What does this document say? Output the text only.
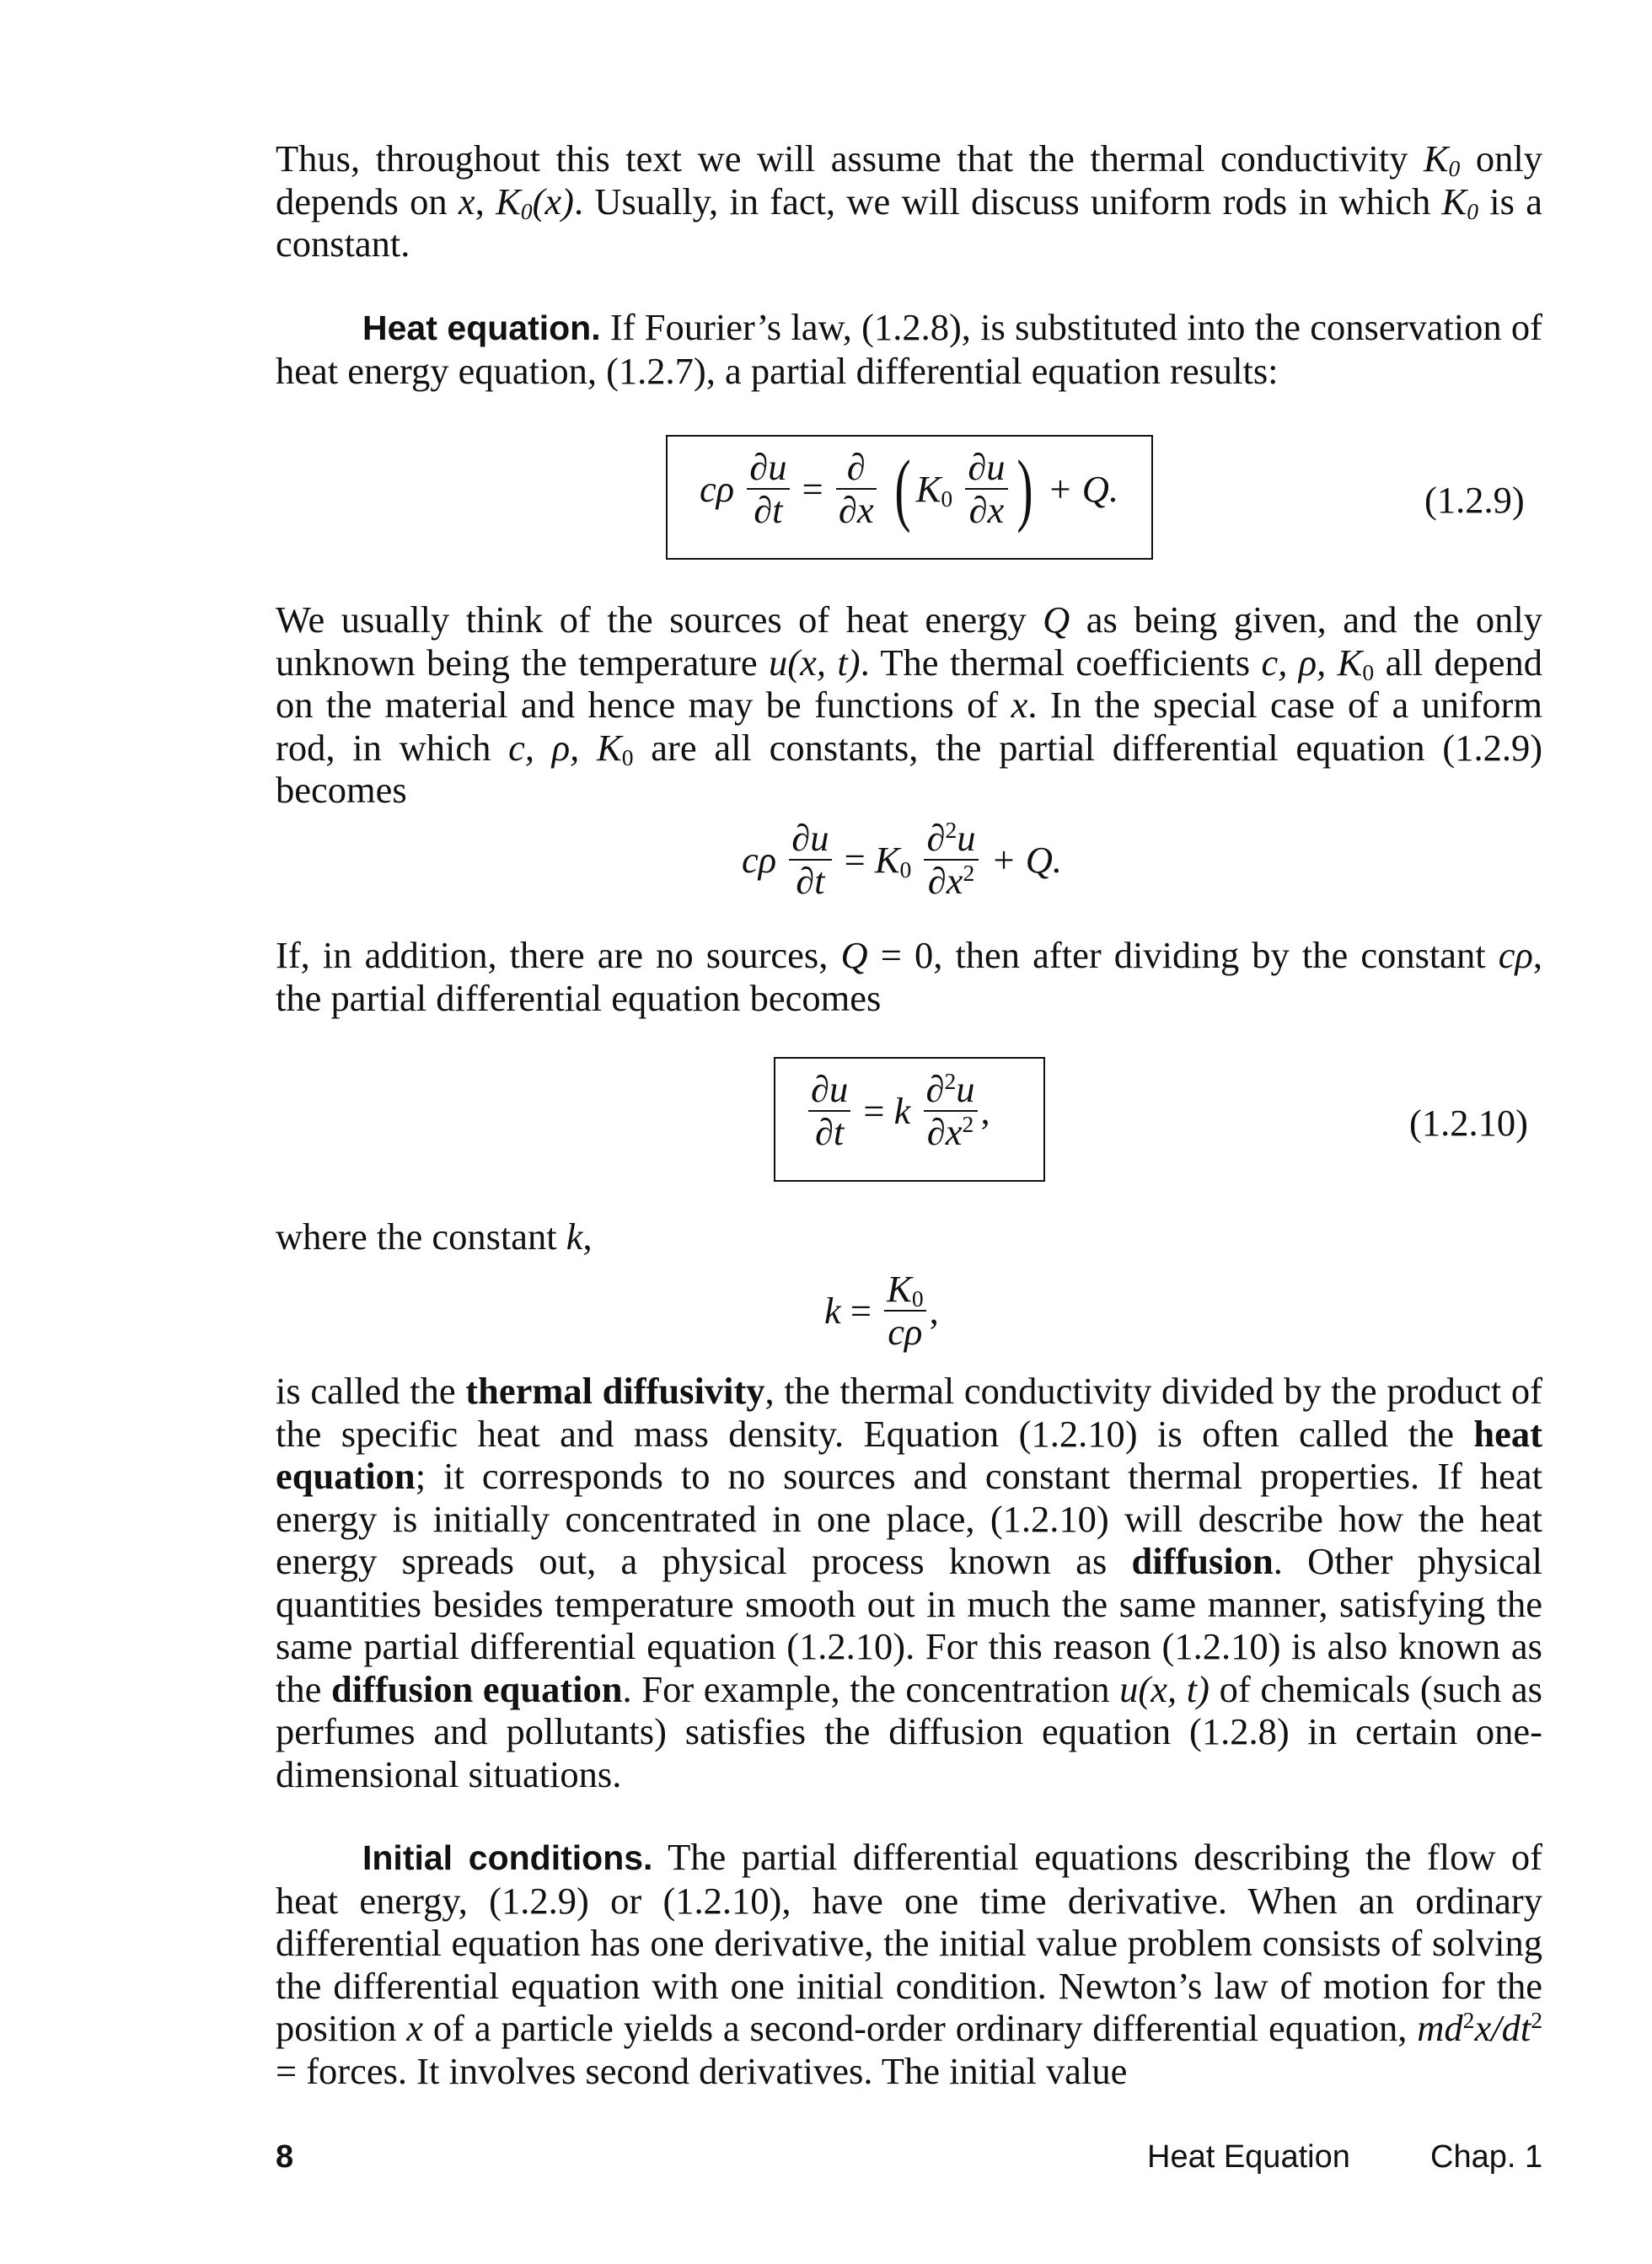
Thus, throughout this text we will assume that the thermal conductivity $K_0$ only depends on x, $K_0(x)$. Usually, in fact, we will discuss uniform rods in which $K_0$ is a constant.
Heat equation. If Fourier’s law, (1.2.8), is substituted into the conservation of heat energy equation, (1.2.7), a partial differential equation results:
cρ $\frac{\partial u}{\partial t} = \frac{\partial}{\partial x}$ ( $K_0 \frac{\partial u}{\partial x}$ ) + Q.	(1.2.9)
We usually think of the sources of heat energy Q as being given, and the only unknown being the temperature u(x, t). The thermal coefficients c, ρ, $K_0$ all depend on the material and hence may be functions of x. In the special case of a uniform rod, in which c, ρ, $K_0$ are all constants, the partial differential equation (1.2.9) becomes
cρ $\frac{\partial u}{\partial t} = K_0 \frac{\partial^2u}{\partial x^2} + Q$.
If, in addition, there are no sources, Q = 0, then after dividing by the constant cρ, the partial differential equation becomes
$\frac{\partial u}{\partial t} = k \frac{\partial^2u}{\partial x^2}$ ,	(1.2.10)
where the constant k,
$k = \frac{K_0}{c\rho}$ ,
is called the thermal diffusivity, the thermal conductivity divided by the product of the specific heat and mass density. Equation (1.2.10) is often called the heat equation; it corresponds to no sources and constant thermal properties. If heat energy is initially concentrated in one place, (1.2.10) will describe how the heat energy spreads out, a physical process known as diffusion. Other physical quantities besides temperature smooth out in much the same manner, satisfying the same partial differential equation (1.2.10). For this reason (1.2.10) is also known as the diffusion equation. For example, the concentration u(x, t) of chemicals (such as perfumes and pollutants) satisfies the diffusion equation (1.2.8) in certain one-dimensional situations.
Initial conditions. The partial differential equations describing the flow of heat energy, (1.2.9) or (1.2.10), have one time derivative. When an ordinary differential equation has one derivative, the initial value problem consists of solving the differential equation with one initial condition. Newton’s law of motion for the position x of a particle yields a second-order ordinary differential equation, $md^2x/dt^2$ = forces. It involves second derivatives. The initial value
8	Heat Equation	Chap. 1
